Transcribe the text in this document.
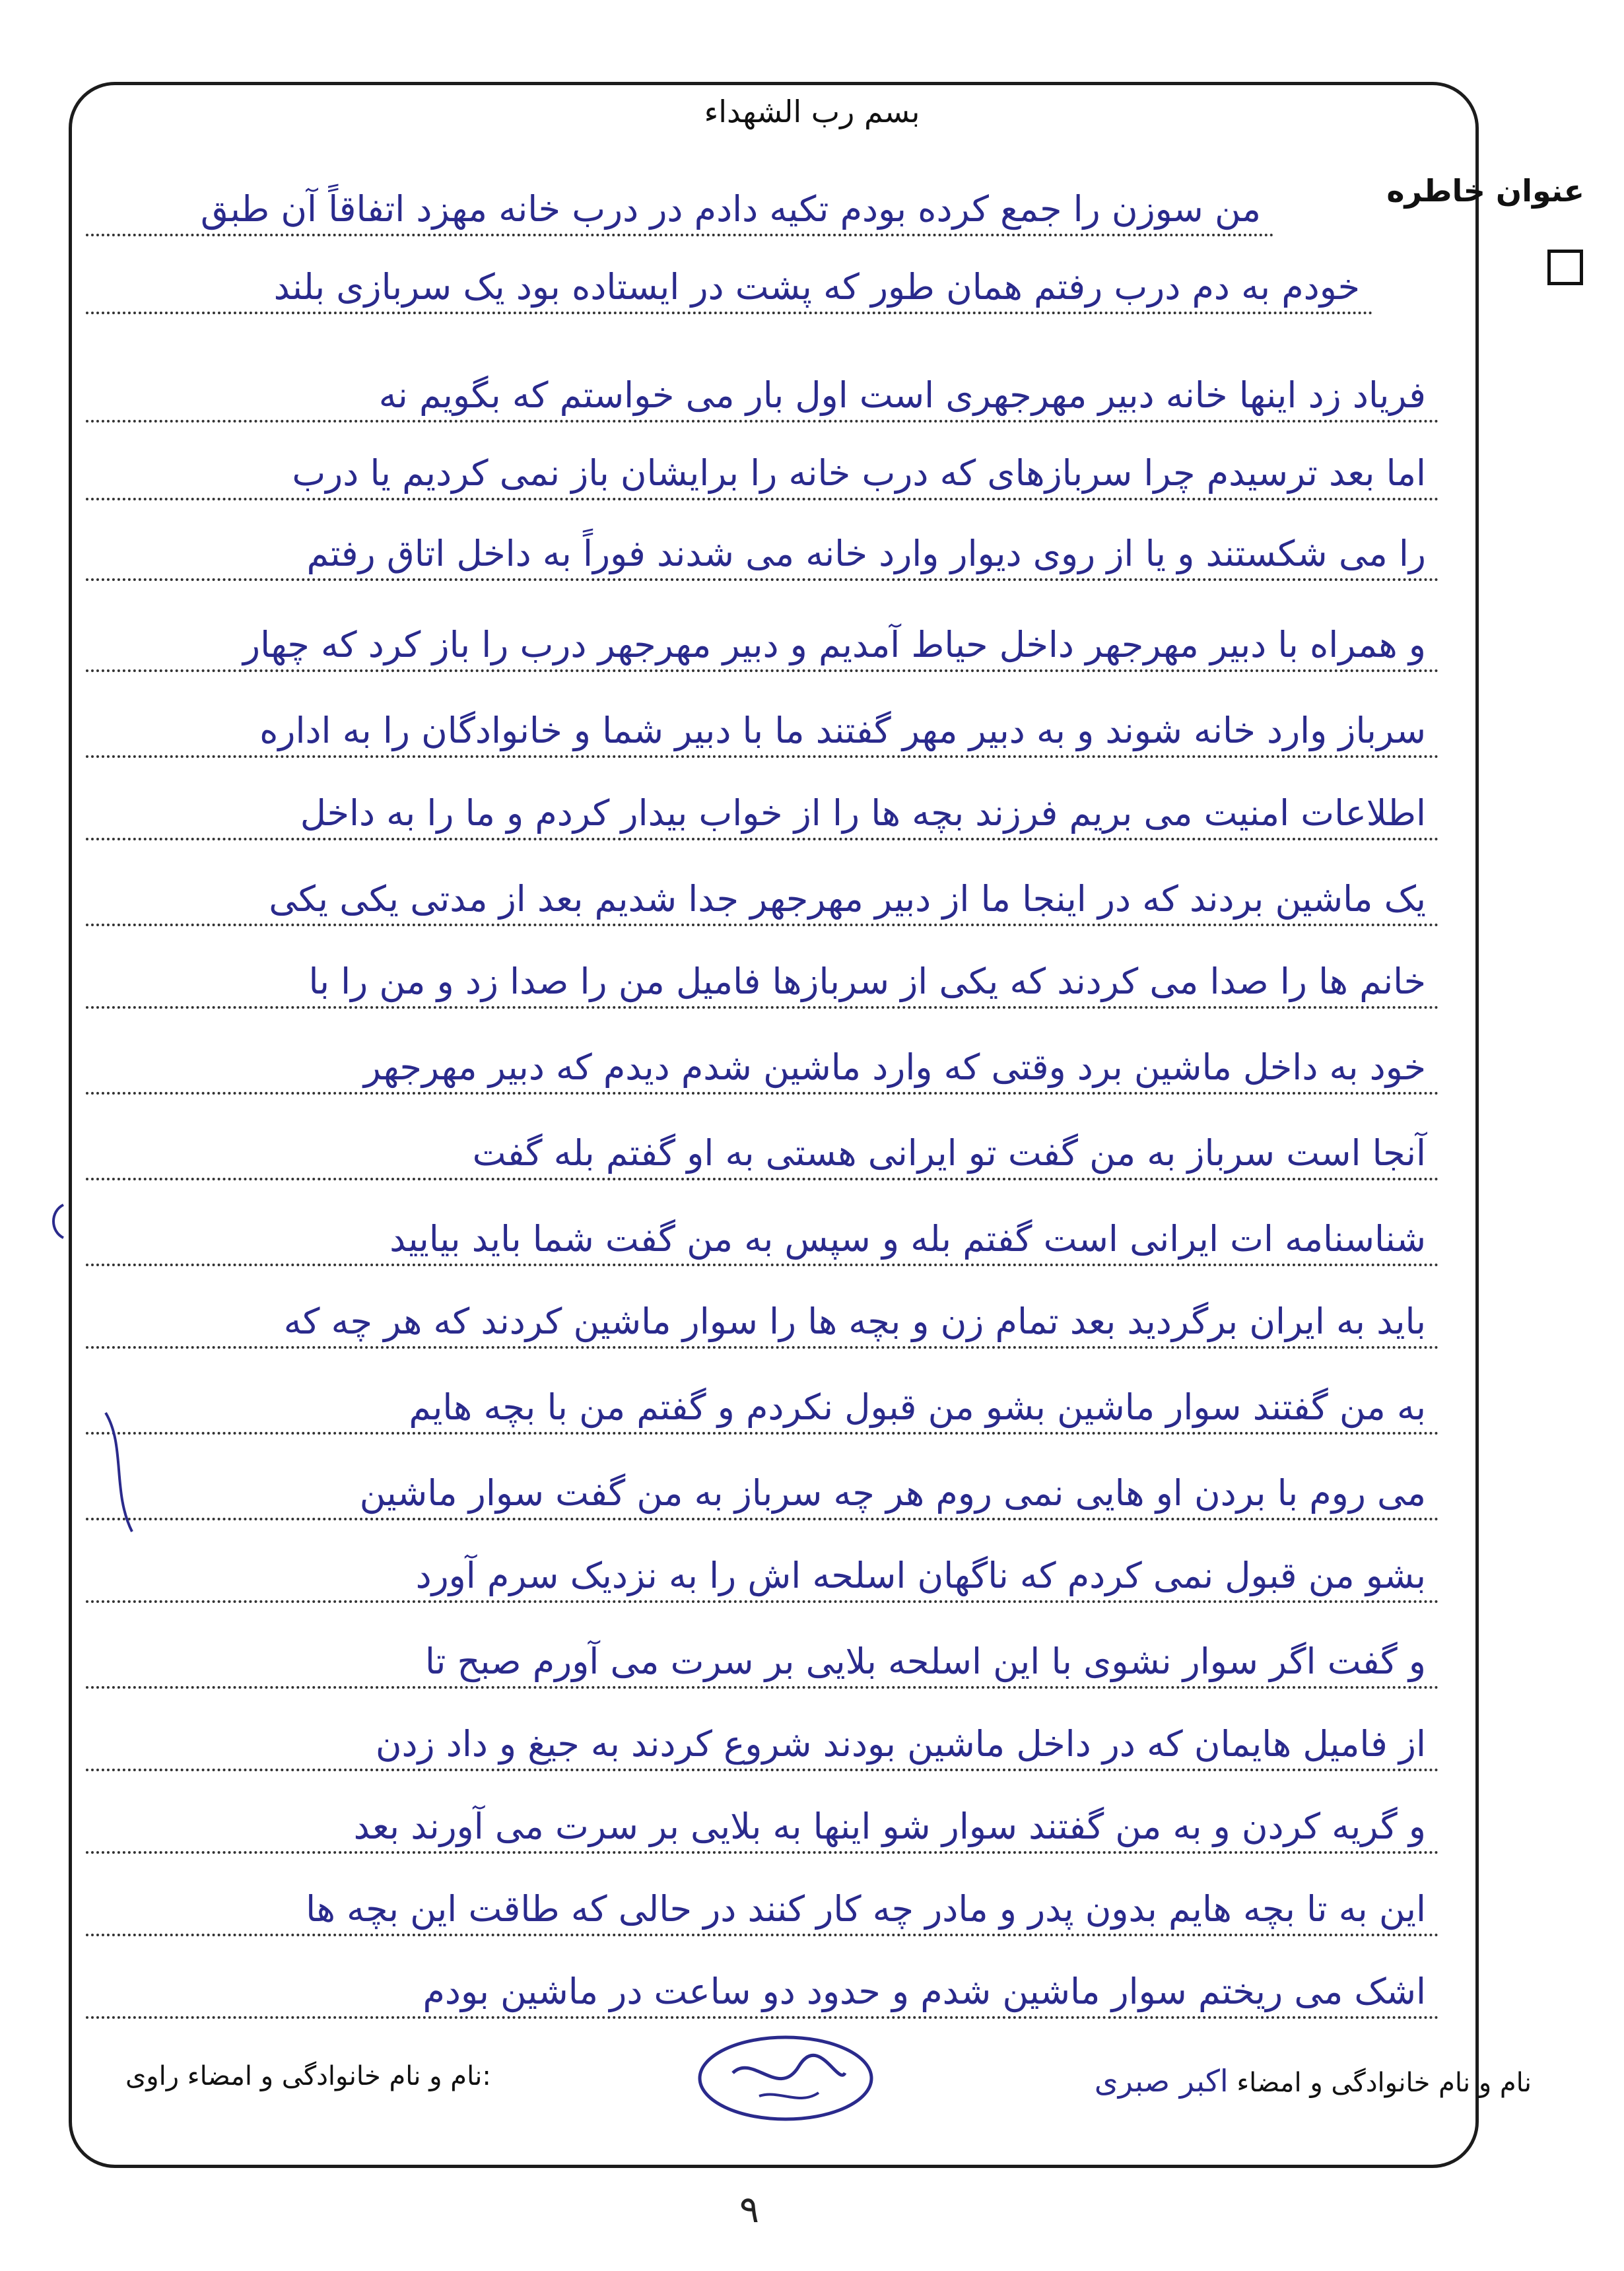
بسم رب الشهداء
عنوان خاطره
من سوزن را جمع کرده بودم تکیه دادم در درب خانه مهزد اتفاقاً آن طبق
خودم به دم درب رفتم همان طور که پشت در ایستاده بود یک سربازی بلند
فریاد زد اینها خانه دبیر مهرجهری است اول بار می خواستم که بگویم نه
اما بعد ترسیدم چرا سربازهای که درب خانه را برایشان باز نمی کردیم یا درب
را می شکستند و یا از روی دیوار وارد خانه می شدند فوراً به داخل اتاق رفتم
و همراه با دبیر مهرجهر داخل حیاط آمدیم و دبیر مهرجهر درب را باز کرد که چهار
سرباز وارد خانه شوند و به دبیر مهر گفتند ما با دبیر شما و خانوادگان را به اداره
اطلاعات امنیت می بریم فرزند بچه ها را از خواب بیدار کردم و ما را به داخل
یک ماشین بردند که در اینجا ما از دبیر مهرجهر جدا شدیم بعد از مدتی یکی یکی
خانم ها را صدا می کردند که یکی از سربازها فامیل من را صدا زد و من را با
خود به داخل ماشین برد وقتی که وارد ماشین شدم دیدم که دبیر مهرجهر
آنجا است سرباز به من گفت تو ایرانی هستی به او گفتم بله گفت
شناسنامه ات ایرانی است گفتم بله و سپس به من گفت شما باید بیایید
باید به ایران برگردید بعد تمام زن و بچه ها را سوار ماشین کردند که هر چه که
به من گفتند سوار ماشین بشو من قبول نکردم و گفتم من با بچه هایم
می روم با بردن او هایی نمی روم هر چه سرباز به من گفت سوار ماشین
بشو من قبول نمی کردم که ناگهان اسلحه اش را به نزدیک سرم آورد
و گفت اگر سوار نشوی با این اسلحه بلایی بر سرت می آورم صبح تا
از فامیل هایمان که در داخل ماشین بودند شروع کردند به جیغ و داد زدن
و گریه کردن و به من گفتند سوار شو اینها به بلایی بر سرت می آورند بعد
این به تا بچه هایم بدون پدر و مادر چه کار کنند در حالی که طاقت این بچه ها
اشک می ریختم سوار ماشین شدم و حدود دو ساعت در ماشین بودم
نام و نام خانوادگی و امضاء اکبر صبری
نام و نام خانوادگی و امضاء راوی:
۹
